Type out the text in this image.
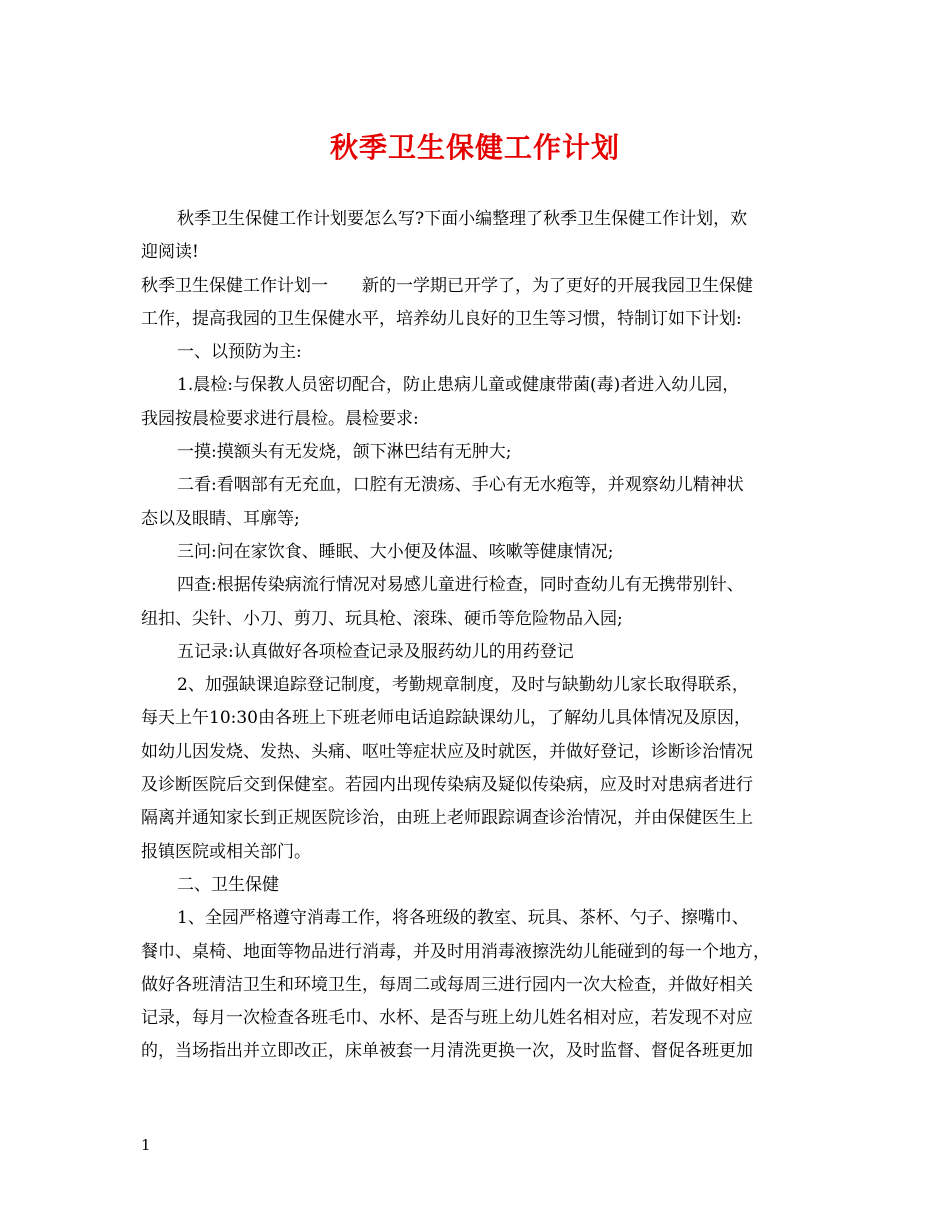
秋季卫生保健工作计划
秋季卫生保健工作计划要怎么写?下面小编整理了秋季卫生保健工作计划，欢
迎阅读!
秋季卫生保健工作计划一 新的一学期已开学了，为了更好的开展我园卫生保健
工作，提高我园的卫生保健水平，培养幼儿良好的卫生等习惯，特制订如下计划:
一、以预防为主:
1.晨检:与保教人员密切配合，防止患病儿童或健康带菌(毒)者进入幼儿园，
我园按晨检要求进行晨检。晨检要求:
一摸:摸额头有无发烧，颌下淋巴结有无肿大;
二看:看咽部有无充血，口腔有无溃疡、手心有无水疱等，并观察幼儿精神状
态以及眼睛、耳廓等;
三问:问在家饮食、睡眠、大小便及体温、咳嗽等健康情况;
四查:根据传染病流行情况对易感儿童进行检查，同时查幼儿有无携带别针、
纽扣、尖针、小刀、剪刀、玩具枪、滚珠、硬币等危险物品入园;
五记录:认真做好各项检查记录及服药幼儿的用药登记
2、加强缺课追踪登记制度，考勤规章制度，及时与缺勤幼儿家长取得联系，
每天上午10:30由各班上下班老师电话追踪缺课幼儿，了解幼儿具体情况及原因，
如幼儿因发烧、发热、头痛、呕吐等症状应及时就医，并做好登记，诊断诊治情况
及诊断医院后交到保健室。若园内出现传染病及疑似传染病，应及时对患病者进行
隔离并通知家长到正规医院诊治，由班上老师跟踪调查诊治情况，并由保健医生上
报镇医院或相关部门。
二、卫生保健
1、全园严格遵守消毒工作，将各班级的教室、玩具、茶杯、勺子、擦嘴巾、
餐巾、桌椅、地面等物品进行消毒，并及时用消毒液擦洗幼儿能碰到的每一个地方，
做好各班清洁卫生和环境卫生，每周二或每周三进行园内一次大检查，并做好相关
记录，每月一次检查各班毛巾、水杯、是否与班上幼儿姓名相对应，若发现不对应
的，当场指出并立即改正，床单被套一月清洗更换一次，及时监督、督促各班更加
1
